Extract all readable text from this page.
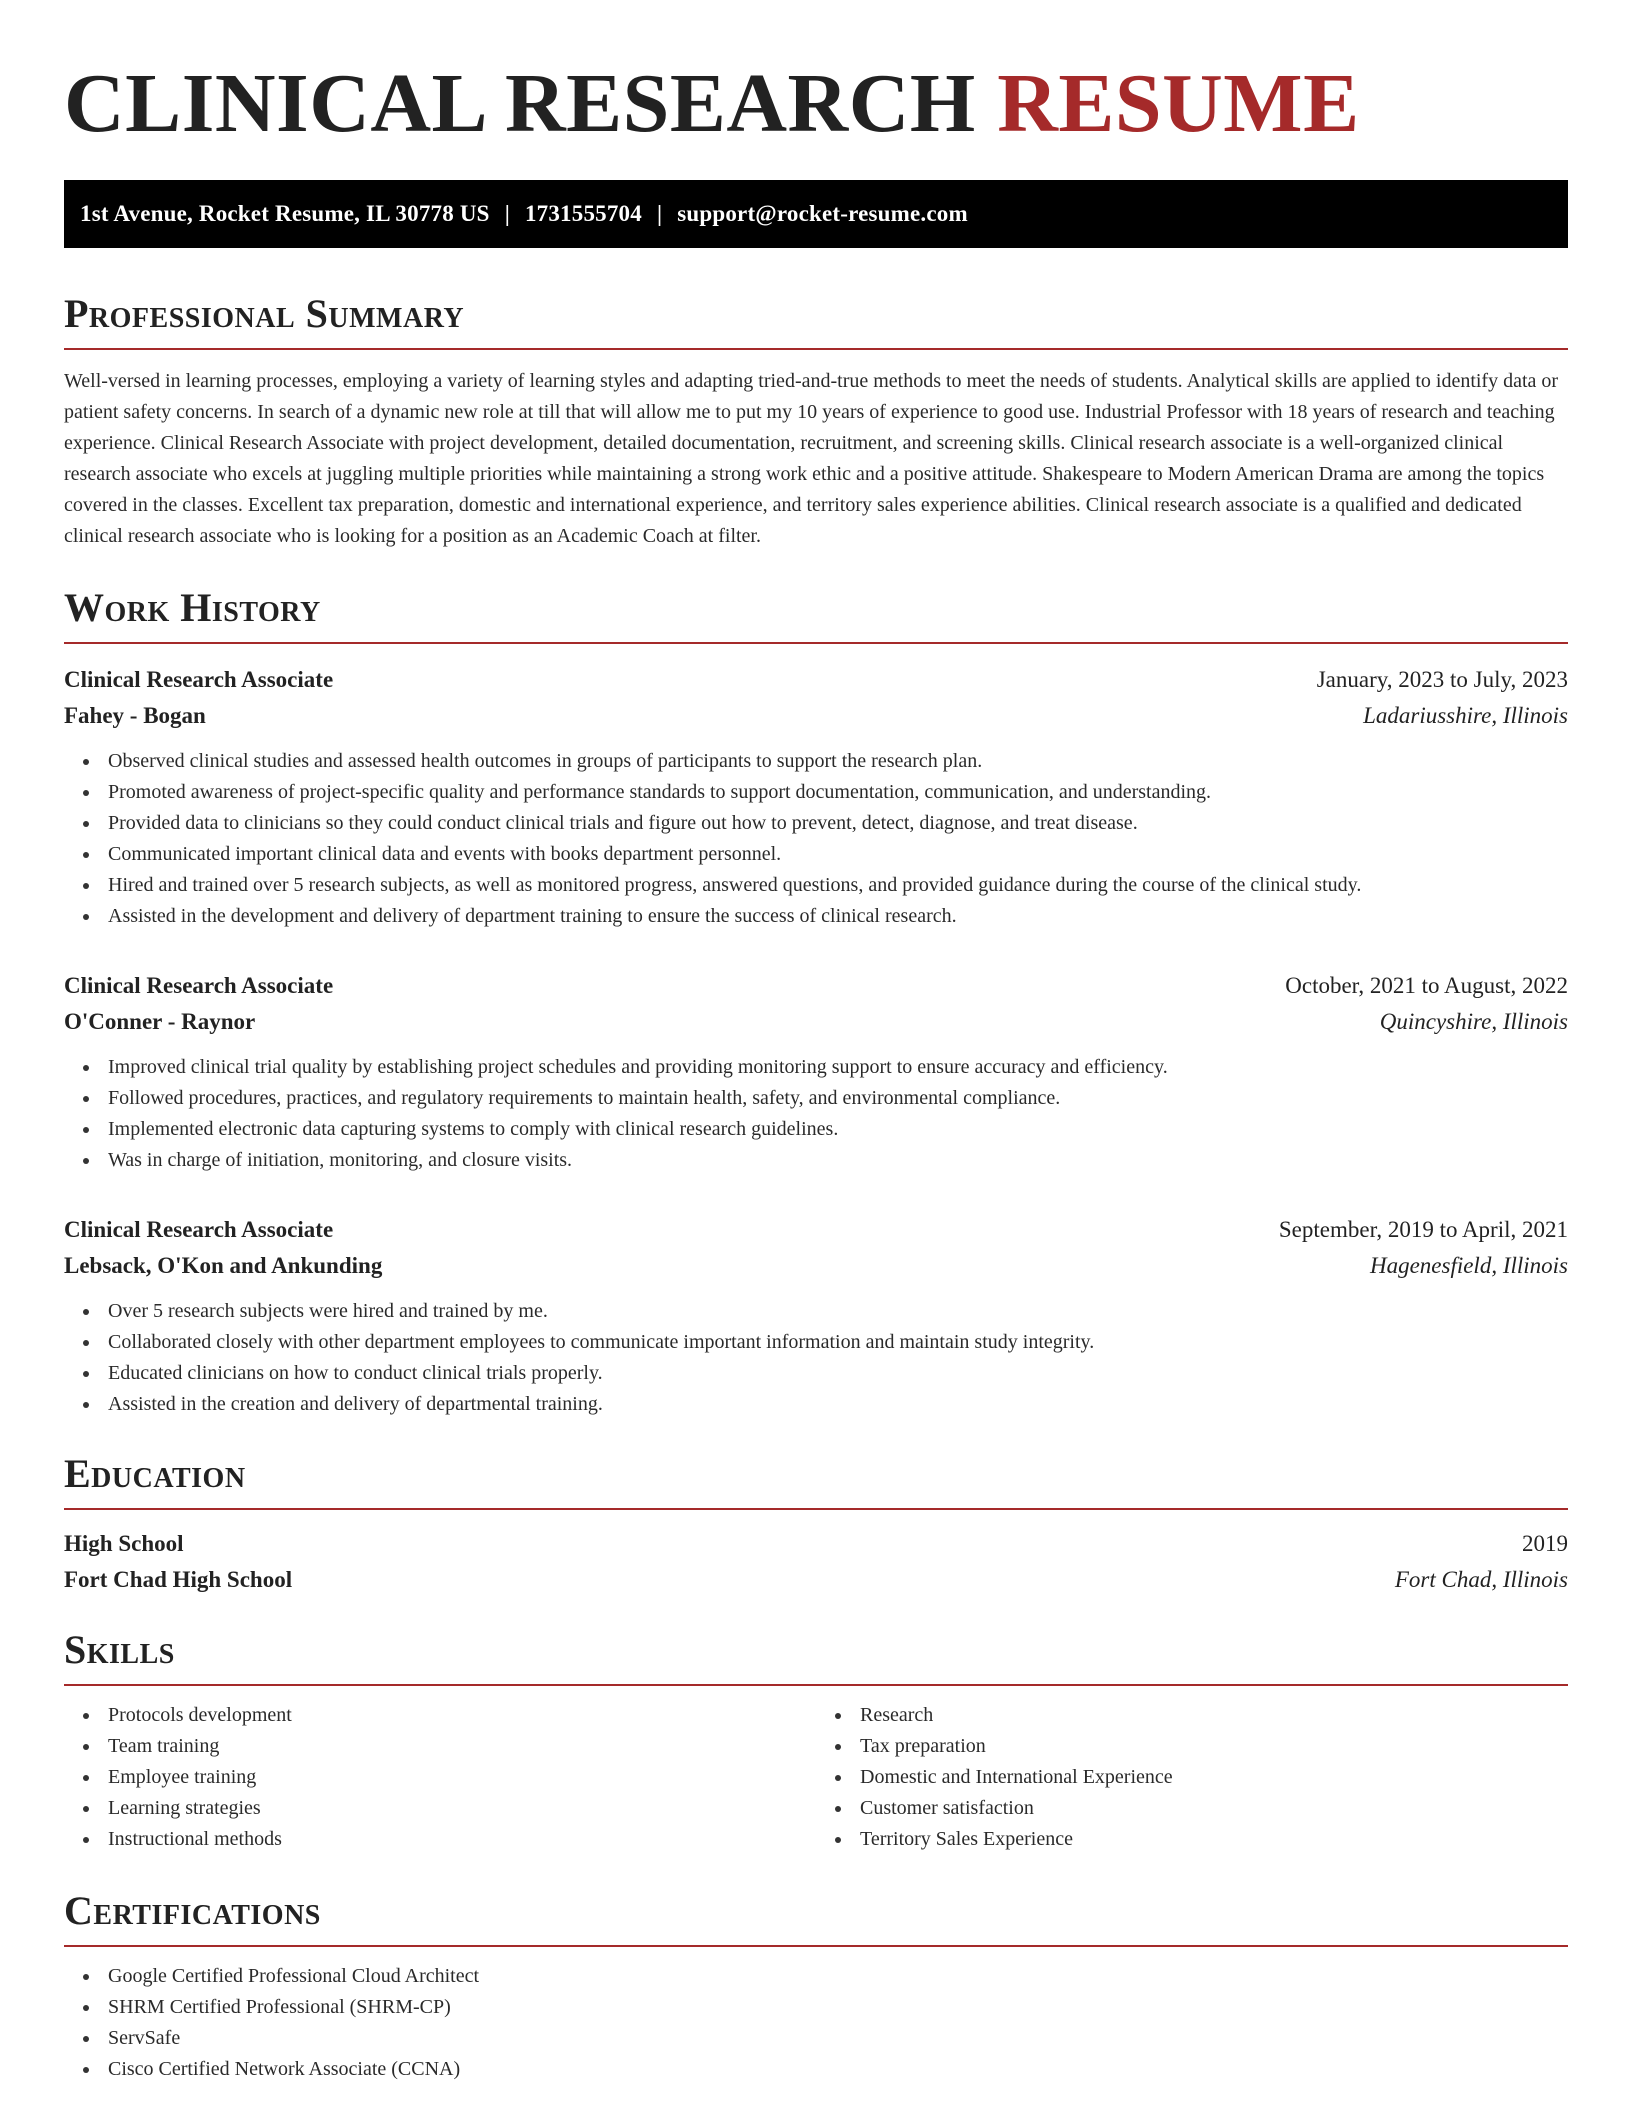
CLINICAL RESEARCH RESUME
1st Avenue, Rocket Resume, IL 30778 US | 1731555704 | support@rocket-resume.com
Professional Summary

Well-versed in learning processes, employing a variety of learning styles and adapting tried-and-true methods to meet the needs of students. Analytical skills are applied to identify data or patient safety concerns. In search of a dynamic new role at till that will allow me to put my 10 years of experience to good use. Industrial Professor with 18 years of research and teaching experience. Clinical Research Associate with project development, detailed documentation, recruitment, and screening skills. Clinical research associate is a well-organized clinical research associate who excels at juggling multiple priorities while maintaining a strong work ethic and a positive attitude. Shakespeare to Modern American Drama are among the topics covered in the classes. Excellent tax preparation, domestic and international experience, and territory sales experience abilities. Clinical research associate is a qualified and dedicated clinical research associate who is looking for a position as an Academic Coach at filter.

Work History
Clinical Research Associate	January, 2023 to July, 2023
Fahey - Bogan	Ladariusshire, Illinois
Observed clinical studies and assessed health outcomes in groups of participants to support the research plan.
Promoted awareness of project-specific quality and performance standards to support documentation, communication, and understanding.
Provided data to clinicians so they could conduct clinical trials and figure out how to prevent, detect, diagnose, and treat disease.
Communicated important clinical data and events with books department personnel.
Hired and trained over 5 research subjects, as well as monitored progress, answered questions, and provided guidance during the course of the clinical study.
Assisted in the development and delivery of department training to ensure the success of clinical research.
Clinical Research Associate	October, 2021 to August, 2022
O'Conner - Raynor	Quincyshire, Illinois
Improved clinical trial quality by establishing project schedules and providing monitoring support to ensure accuracy and efficiency.
Followed procedures, practices, and regulatory requirements to maintain health, safety, and environmental compliance.
Implemented electronic data capturing systems to comply with clinical research guidelines.
Was in charge of initiation, monitoring, and closure visits.
Clinical Research Associate	September, 2019 to April, 2021
Lebsack, O'Kon and Ankunding	Hagenesfield, Illinois
Over 5 research subjects were hired and trained by me.
Collaborated closely with other department employees to communicate important information and maintain study integrity.
Educated clinicians on how to conduct clinical trials properly.
Assisted in the creation and delivery of departmental training.
Education
High School	2019
Fort Chad High School	Fort Chad, Illinois
Skills
Protocols development
Team training
Employee training
Learning strategies
Instructional methods
Research
Tax preparation
Domestic and International Experience
Customer satisfaction
Territory Sales Experience
Certifications
Google Certified Professional Cloud Architect
SHRM Certified Professional (SHRM-CP)
ServSafe
Cisco Certified Network Associate (CCNA)
